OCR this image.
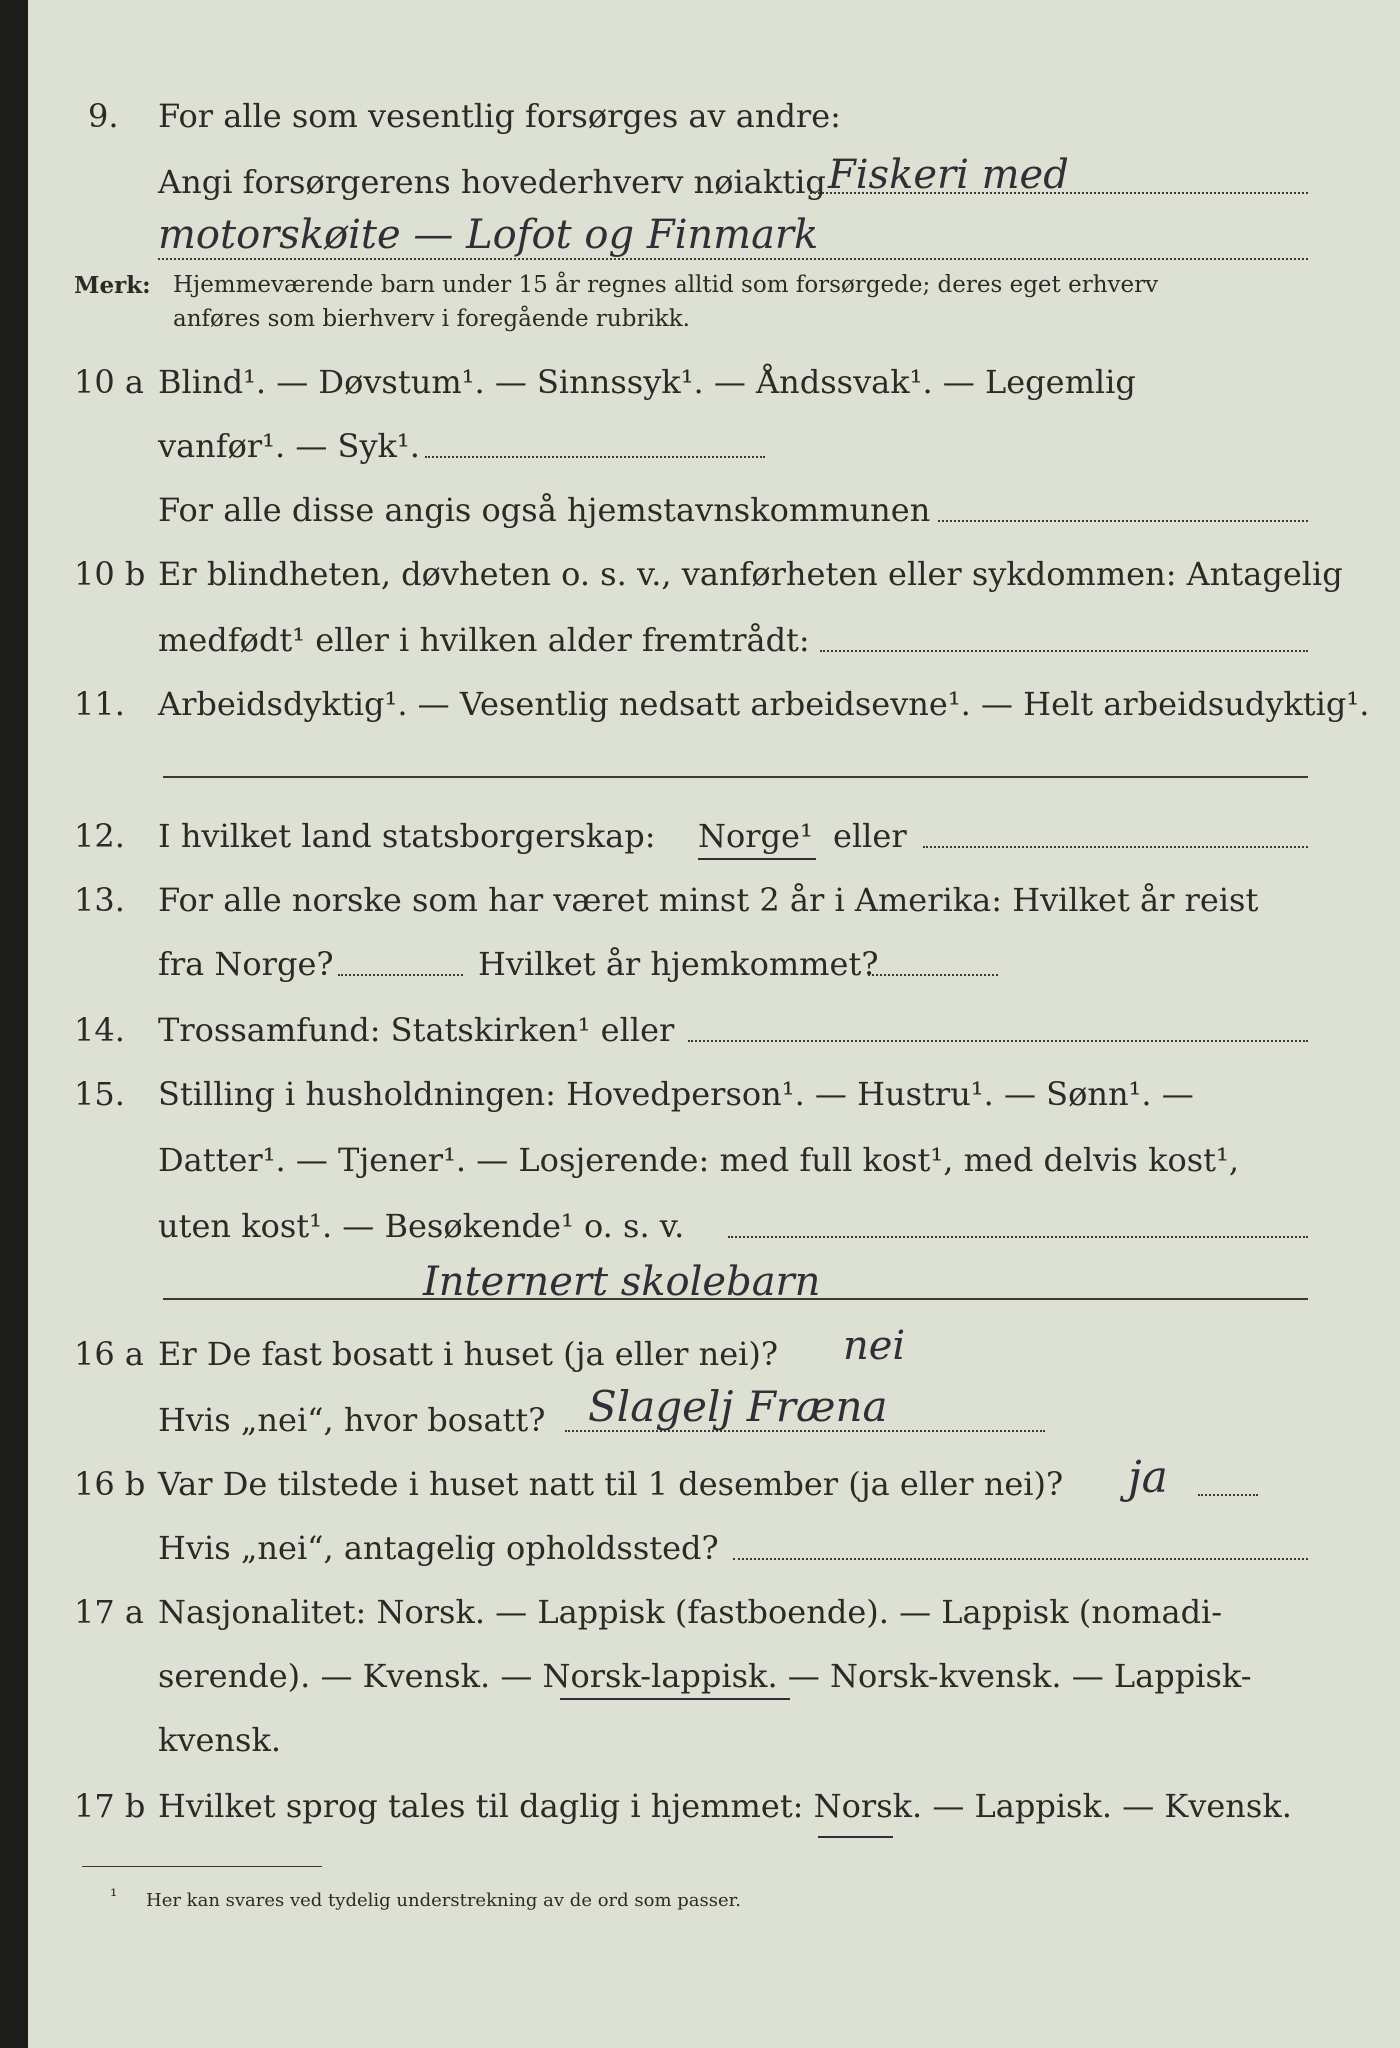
9. For alle som vesentlig forsørges av andre:
Angi forsørgerens hovederhverv nøiaktig Fiskeri med
motorskøite — Lofot og Finmark
Merk: Hjemmeværende barn under 15 år regnes alltid som forsørgede; deres eget erhverv
anføres som bierhverv i foregående rubrikk.
10 a Blind¹. — Døvstum¹. — Sinnssyk¹. — Åndssvak¹. — Legemlig
vanfør¹. — Syk¹.
For alle disse angis også hjemstavnskommunen
10 b Er blindheten, døvheten o. s. v., vanførheten eller sykdommen: Antagelig
medfødt¹ eller i hvilken alder fremtrådt:
11. Arbeidsdyktig¹. — Vesentlig nedsatt arbeidsevne¹. — Helt arbeidsudyktig¹.
12. I hvilket land statsborgerskap: Norge¹ eller
13. For alle norske som har været minst 2 år i Amerika: Hvilket år reist
fra Norge?	Hvilket år hjemkommet?
14. Trossamfund: Statskirken¹ eller
15. Stilling i husholdningen: Hovedperson¹. — Hustru¹. — Sønn¹. —
Datter¹. — Tjener¹. — Losjerende: med full kost¹, med delvis kost¹,
uten kost¹. — Besøkende¹ o. s. v.
Internert skolebarn
16 a Er De fast bosatt i huset (ja eller nei)? nei
Hvis „nei“, hvor bosatt? Slagelj Fræna
16 b Var De tilstede i huset natt til 1 desember (ja eller nei)? ja
Hvis „nei“, antagelig opholdssted?
17 a Nasjonalitet: Norsk. — Lappisk (fastboende). — Lappisk (nomadi-
serende). — Kvensk. — Norsk-lappisk. — Norsk-kvensk. — Lappisk-
kvensk.
17 b Hvilket sprog tales til daglig i hjemmet: Norsk. — Lappisk. — Kvensk.
¹ Her kan svares ved tydelig understrekning av de ord som passer.
